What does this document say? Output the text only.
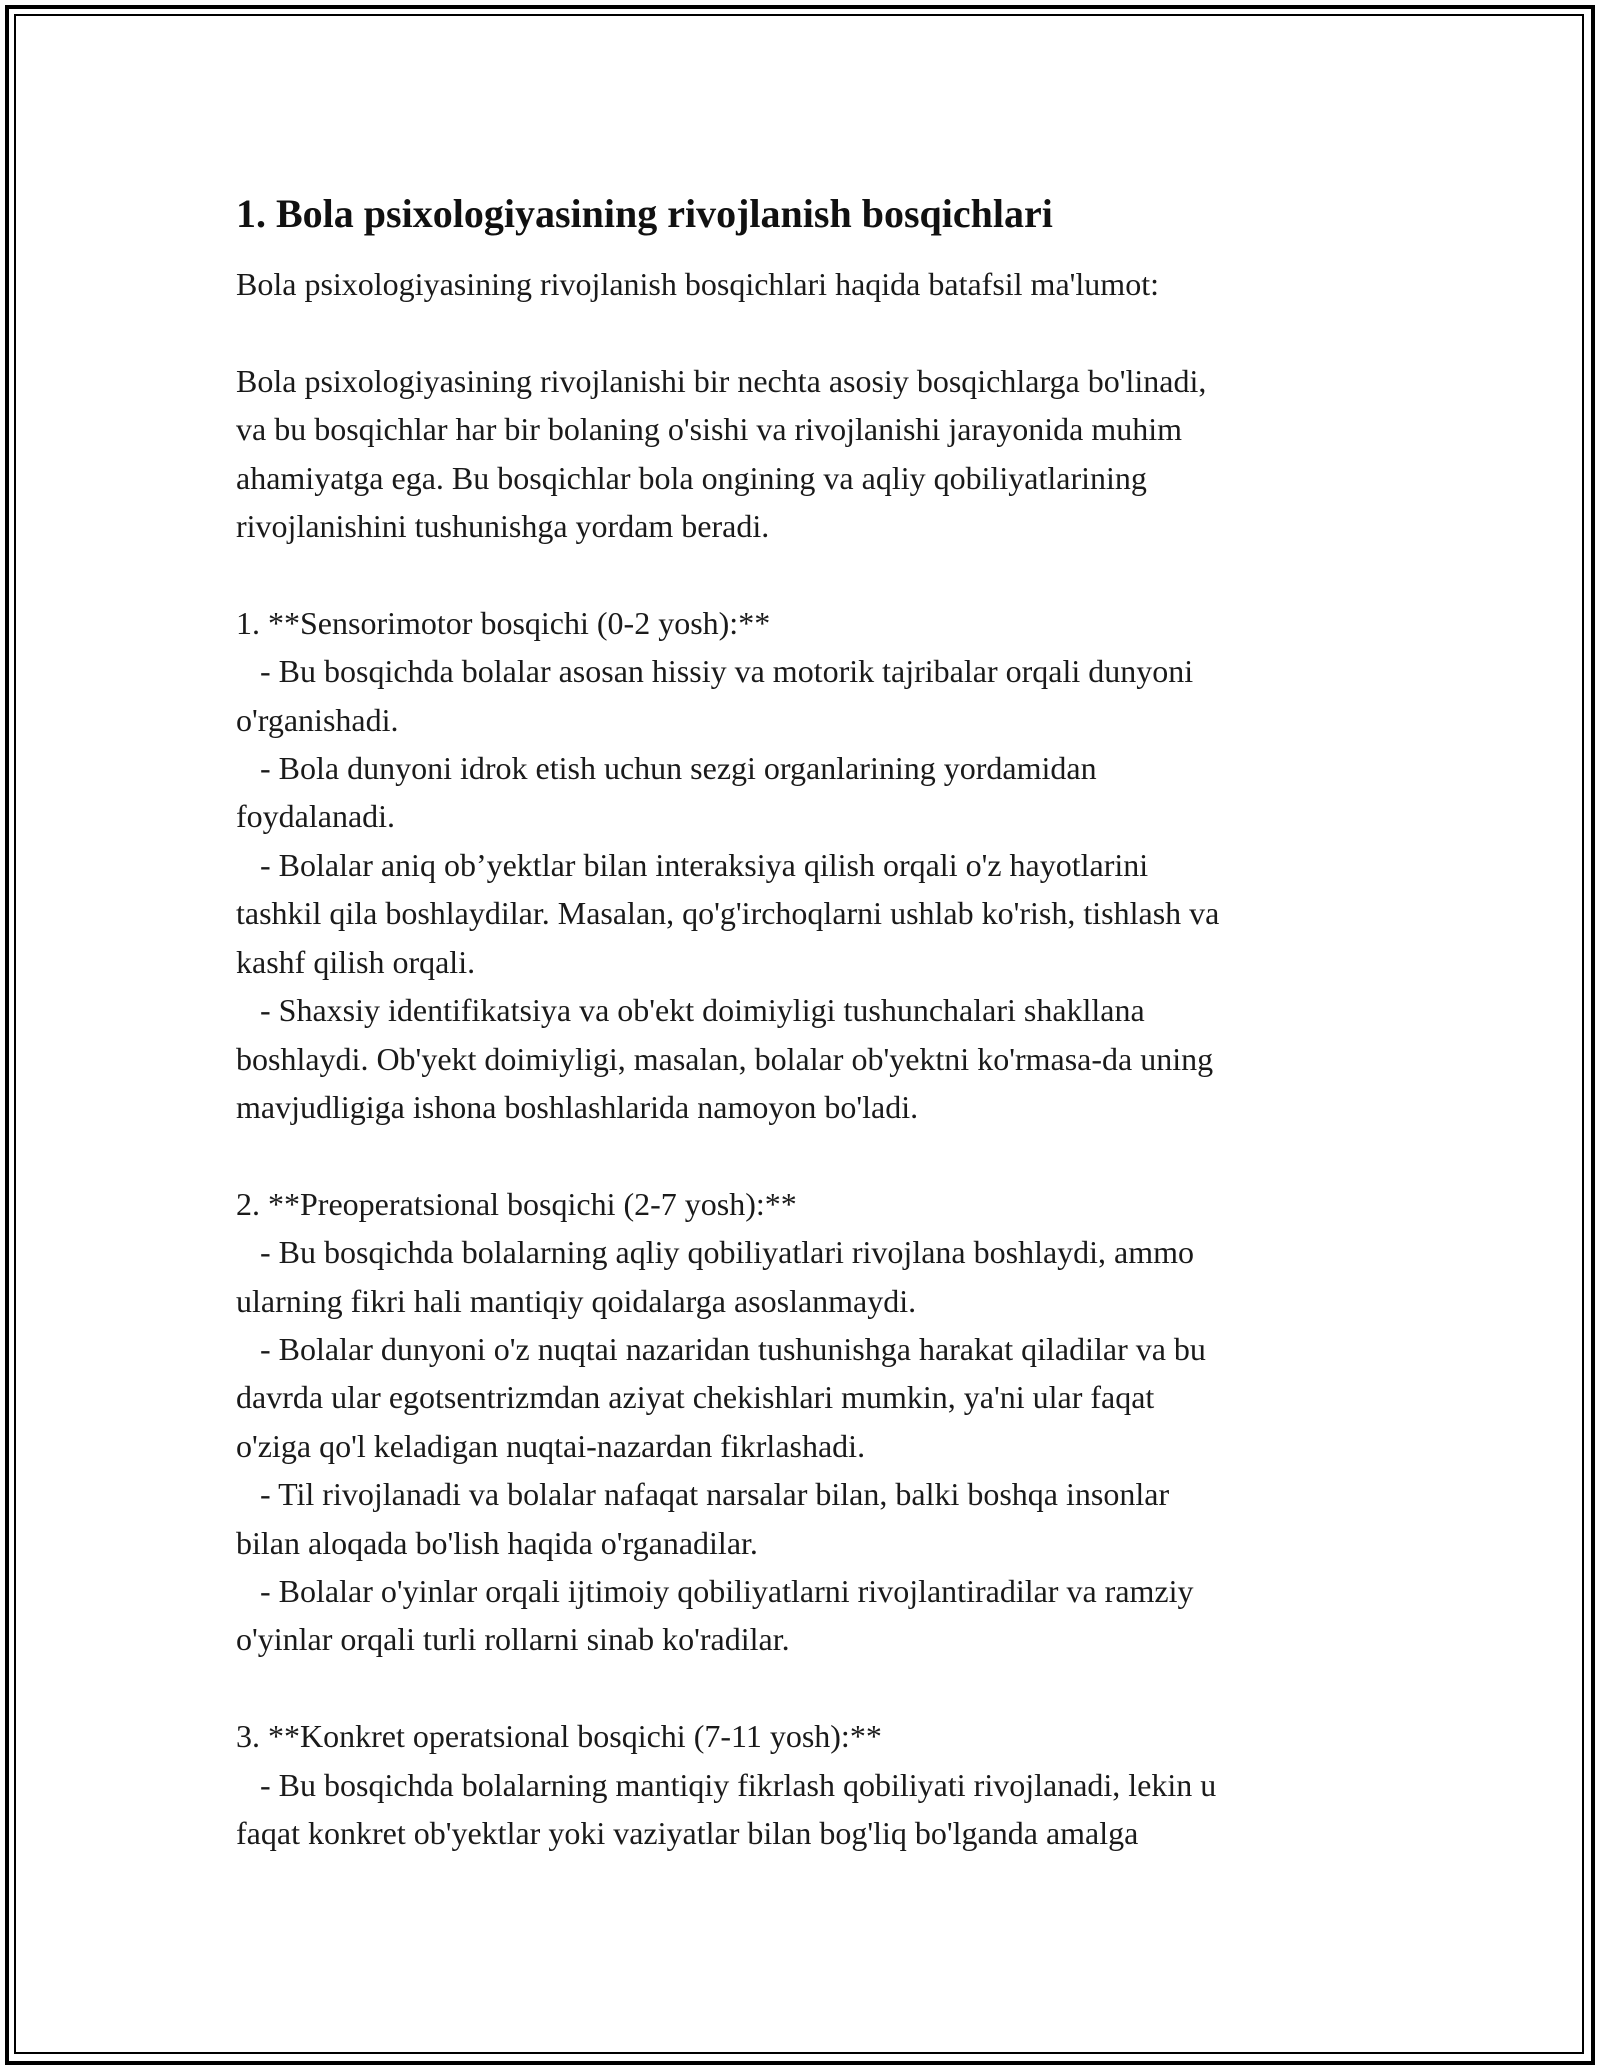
1. Bola psixologiyasining rivojlanish bosqichlari
Bola psixologiyasining rivojlanish bosqichlari haqida batafsil ma'lumot:

Bola psixologiyasining rivojlanishi bir nechta asosiy bosqichlarga bo'linadi,
va bu bosqichlar har bir bolaning o'sishi va rivojlanishi jarayonida muhim
ahamiyatga ega. Bu bosqichlar bola ongining va aqliy qobiliyatlarining
rivojlanishini tushunishga yordam beradi.

1. **Sensorimotor bosqichi (0-2 yosh):**
- Bu bosqichda bolalar asosan hissiy va motorik tajribalar orqali dunyoni
o'rganishadi.
- Bola dunyoni idrok etish uchun sezgi organlarining yordamidan
foydalanadi.
- Bolalar aniq ob’yektlar bilan interaksiya qilish orqali o'z hayotlarini
tashkil qila boshlaydilar. Masalan, qo'g'irchoqlarni ushlab ko'rish, tishlash va
kashf qilish orqali.
- Shaxsiy identifikatsiya va ob'ekt doimiyligi tushunchalari shakllana
boshlaydi. Ob'yekt doimiyligi, masalan, bolalar ob'yektni ko'rmasa-da uning
mavjudligiga ishona boshlashlarida namoyon bo'ladi.

2. **Preoperatsional bosqichi (2-7 yosh):**
- Bu bosqichda bolalarning aqliy qobiliyatlari rivojlana boshlaydi, ammo
ularning fikri hali mantiqiy qoidalarga asoslanmaydi.
- Bolalar dunyoni o'z nuqtai nazaridan tushunishga harakat qiladilar va bu
davrda ular egotsentrizmdan aziyat chekishlari mumkin, ya'ni ular faqat
o'ziga qo'l keladigan nuqtai-nazardan fikrlashadi.
- Til rivojlanadi va bolalar nafaqat narsalar bilan, balki boshqa insonlar
bilan aloqada bo'lish haqida o'rganadilar.
- Bolalar o'yinlar orqali ijtimoiy qobiliyatlarni rivojlantiradilar va ramziy
o'yinlar orqali turli rollarni sinab ko'radilar.

3. **Konkret operatsional bosqichi (7-11 yosh):**
- Bu bosqichda bolalarning mantiqiy fikrlash qobiliyati rivojlanadi, lekin u
faqat konkret ob'yektlar yoki vaziyatlar bilan bog'liq bo'lganda amalga
